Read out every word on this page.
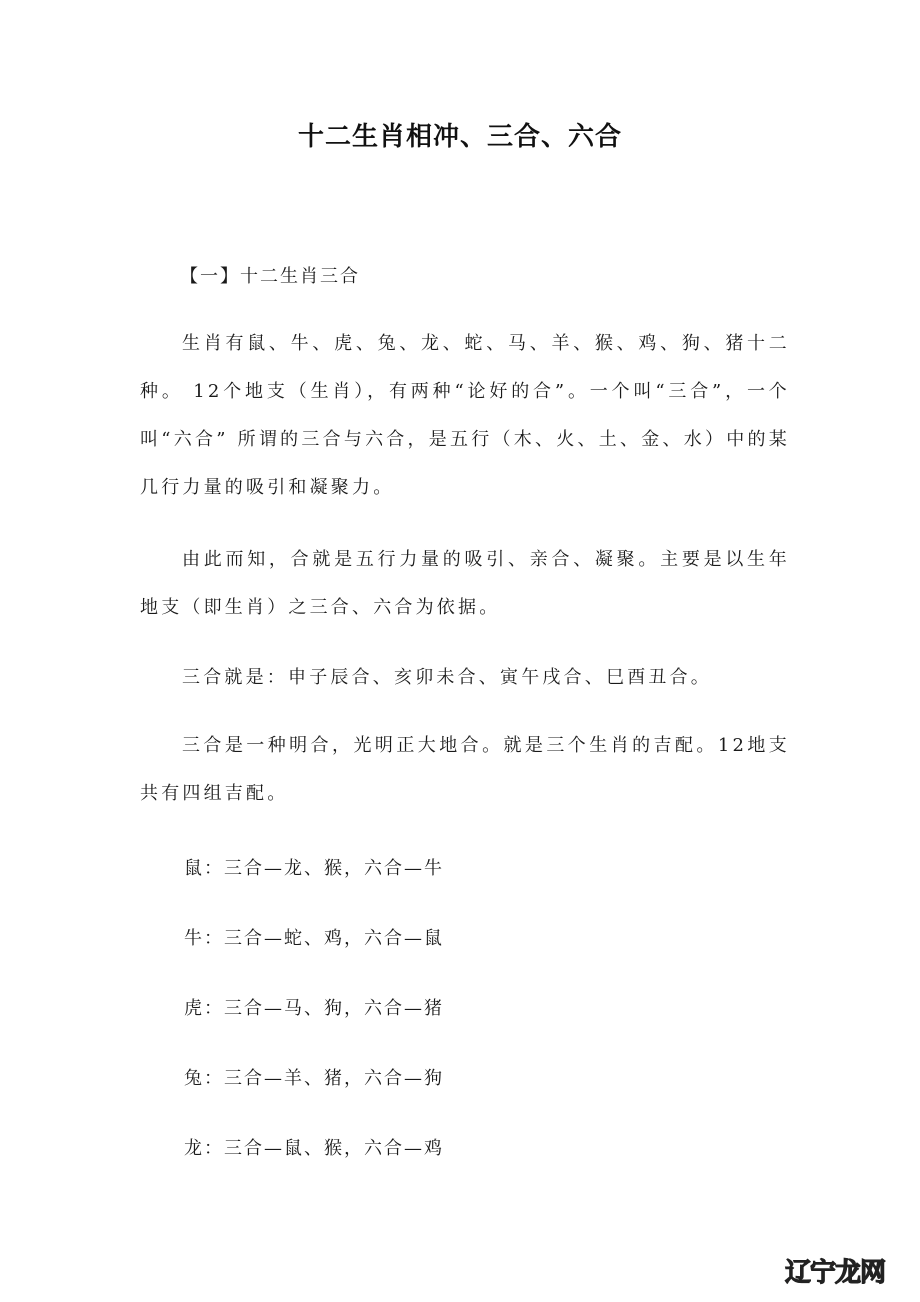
十二生肖相冲、三合、六合
【一】十二生肖三合
生肖有鼠、牛、虎、兔、龙、蛇、马、羊、猴、鸡、狗、猪十二种。 12个地支（生肖），有两种“论好的合”。一个叫“三合”，一个叫“六合” 所谓的三合与六合，是五行（木、火、土、金、水）中的某几行力量的吸引和凝聚力。
由此而知，合就是五行力量的吸引、亲合、凝聚。主要是以生年地支（即生肖）之三合、六合为依据。
三合就是：申子辰合、亥卯未合、寅午戌合、巳酉丑合。
三合是一种明合，光明正大地合。就是三个生肖的吉配。12地支共有四组吉配。
鼠：三合—龙、猴，六合—牛
牛：三合—蛇、鸡，六合—鼠
虎：三合—马、狗，六合—猪
兔：三合—羊、猪，六合—狗
龙：三合—鼠、猴，六合—鸡
辽宁龙网
